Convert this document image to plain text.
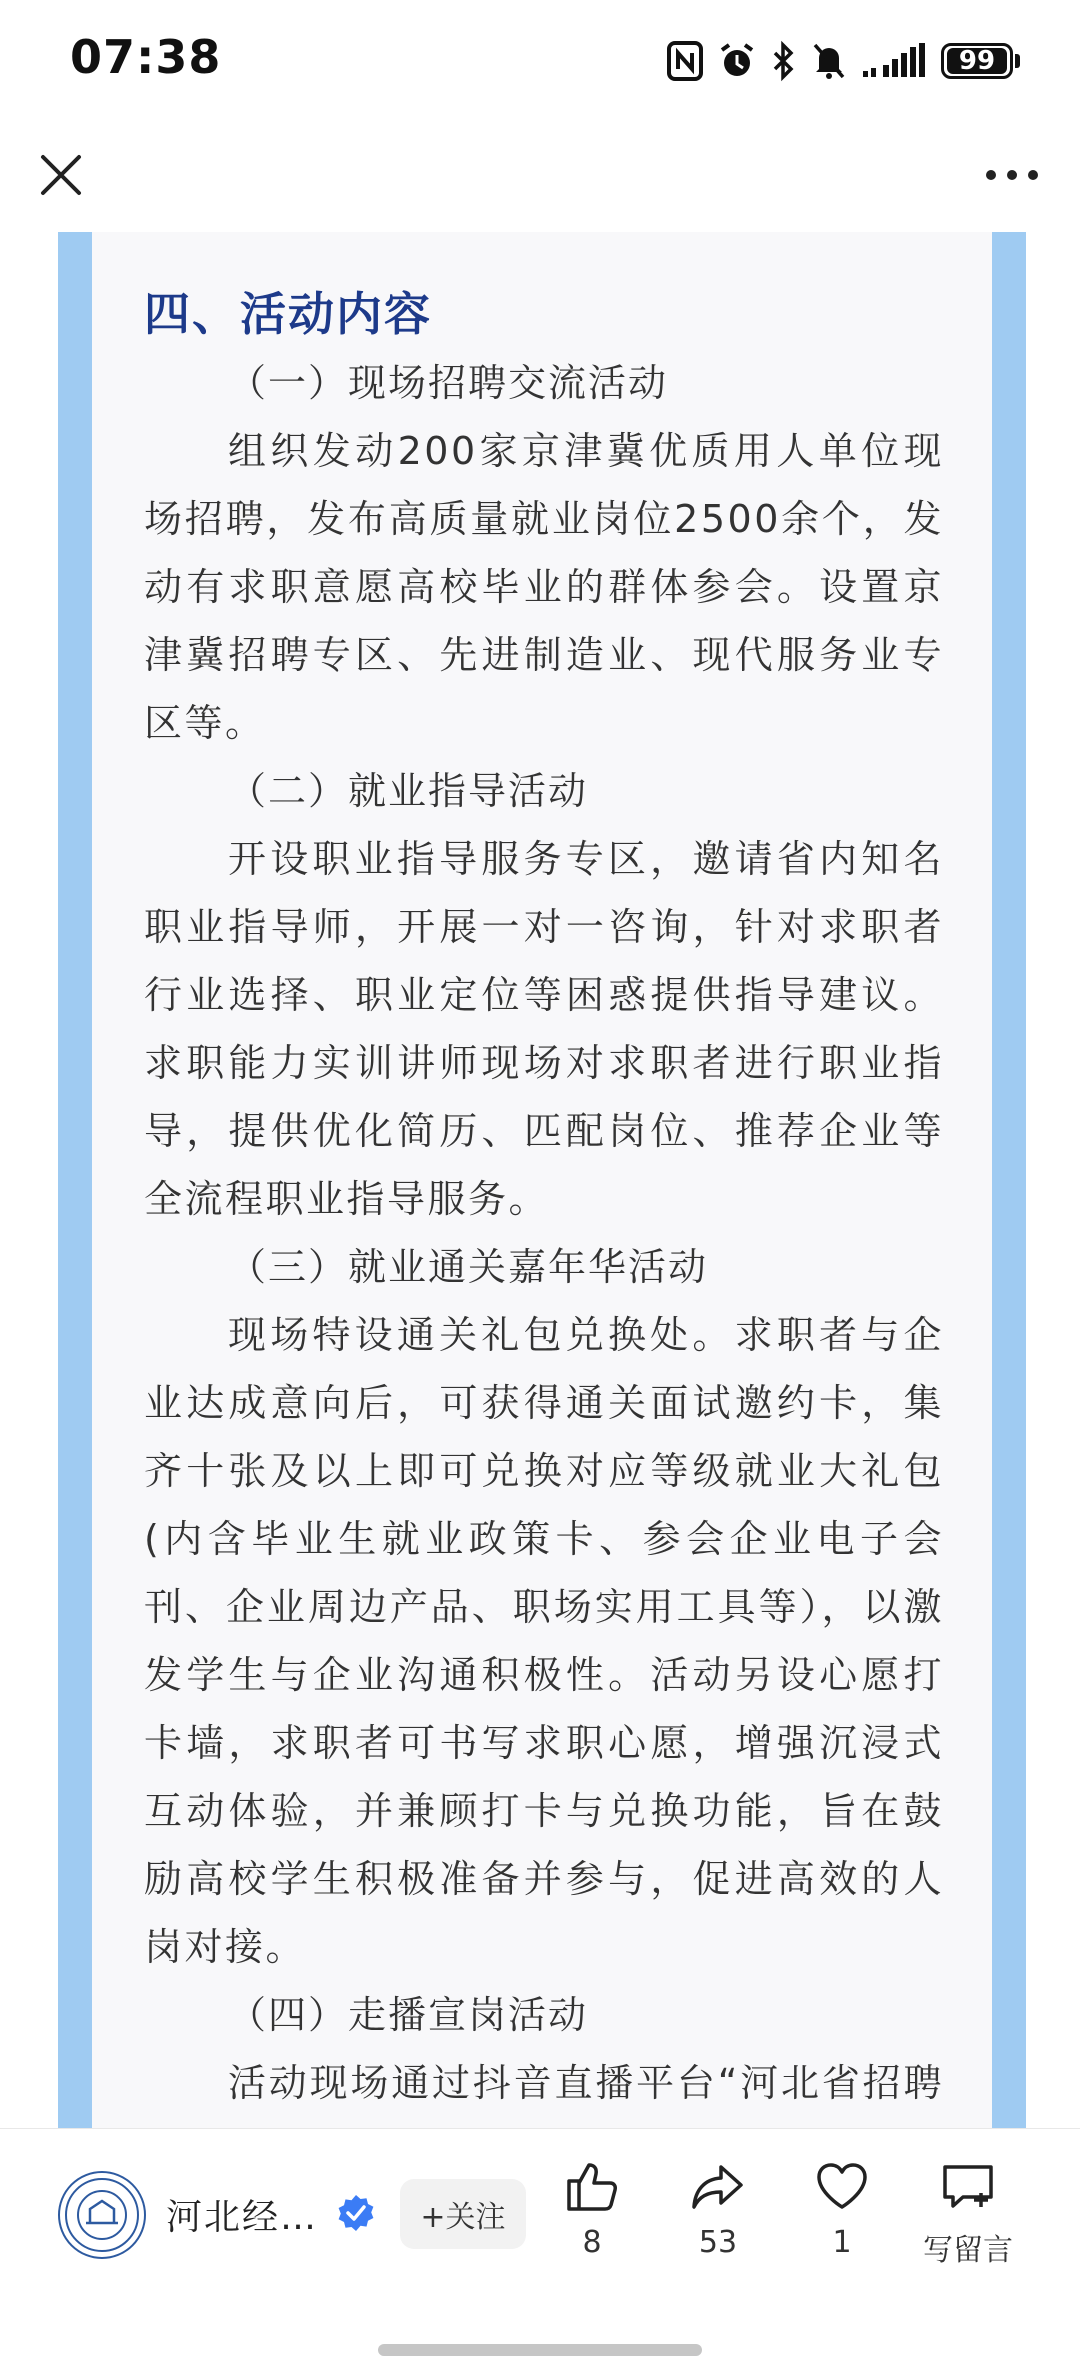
07:38	99

四、活动内容

（一）现场招聘交流活动

组织发动200家京津冀优质用人单位现场招聘，发布高质量就业岗位2500余个，发动有求职意愿高校毕业的群体参会。设置京津冀招聘专区、先进制造业、现代服务业专区等。

（二）就业指导活动

开设职业指导服务专区，邀请省内知名职业指导师，开展一对一咨询，针对求职者行业选择、职业定位等困惑提供指导建议。求职能力实训讲师现场对求职者进行职业指导，提供优化简历、匹配岗位、推荐企业等全流程职业指导服务。

（三）就业通关嘉年华活动

现场特设通关礼包兑换处。求职者与企业达成意向后，可获得通关面试邀约卡，集齐十张及以上即可兑换对应等级就业大礼包(内含毕业生就业政策卡、参会企业电子会刊、企业周边产品、职场实用工具等），以激发学生与企业沟通积极性。活动另设心愿打卡墙，求职者可书写求职心愿，增强沉浸式互动体验，并兼顾打卡与兑换功能，旨在鼓励高校学生积极准备并参与，促进高效的人岗对接。

（四）走播宣岗活动

活动现场通过抖音直播平台“河北省招聘

河北经…	+关注
8	53	1 写留言
